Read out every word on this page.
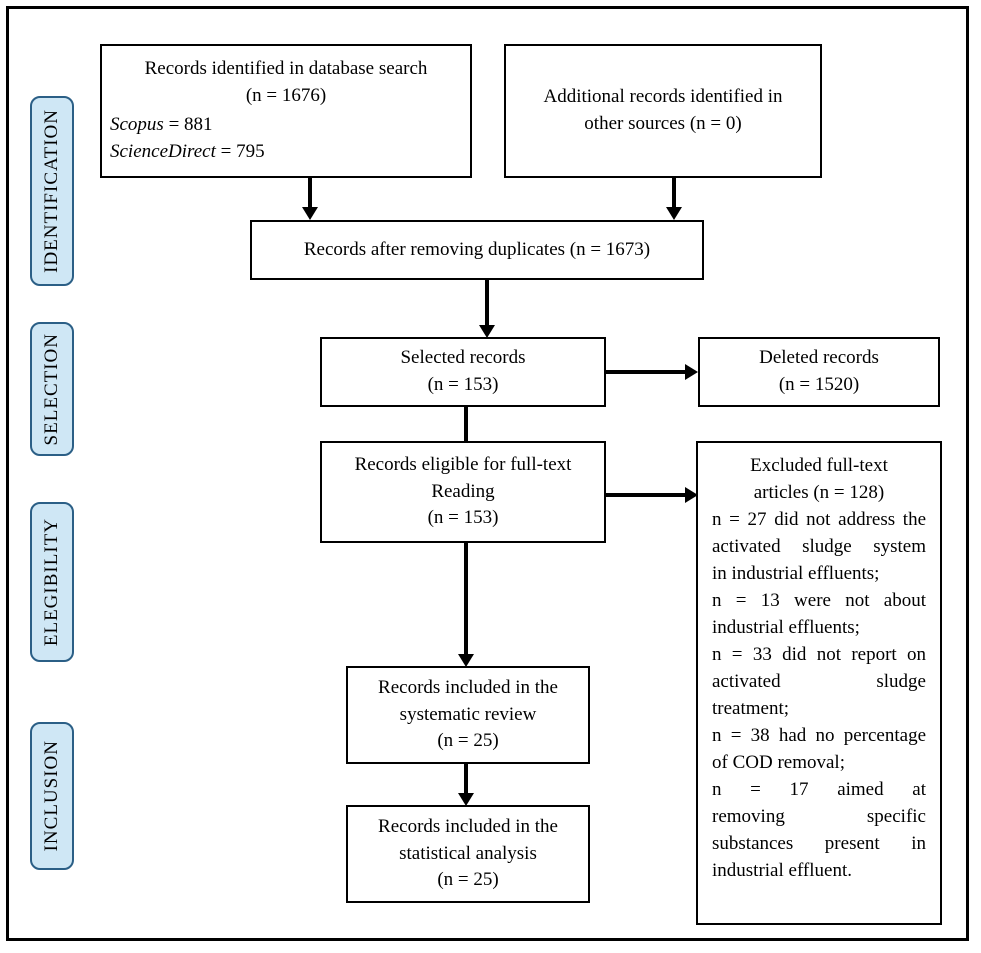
IDENTIFICATION
SELECTION
ELEGIBILITY
INCLUSION
Records identified in database search
(n = 1676)
Scopus = 881
ScienceDirect = 795
Additional records identified in
other sources (n = 0)
Records after removing duplicates (n = 1673)
Selected records
(n = 153)
Deleted records
(n = 1520)
Records eligible for full-text
Reading
(n = 153)
Excluded full-text
articles (n = 128)
n = 27 did not address the
activated sludge system
in industrial effluents;
n = 13 were not about
industrial effluents;
n = 33 did not report on
activated sludge
treatment;
n = 38 had no percentage
of COD removal;
n = 17 aimed at
removing specific
substances present in
industrial effluent.
Records included in the
systematic review
(n = 25)
Records included in the
statistical analysis
(n = 25)
